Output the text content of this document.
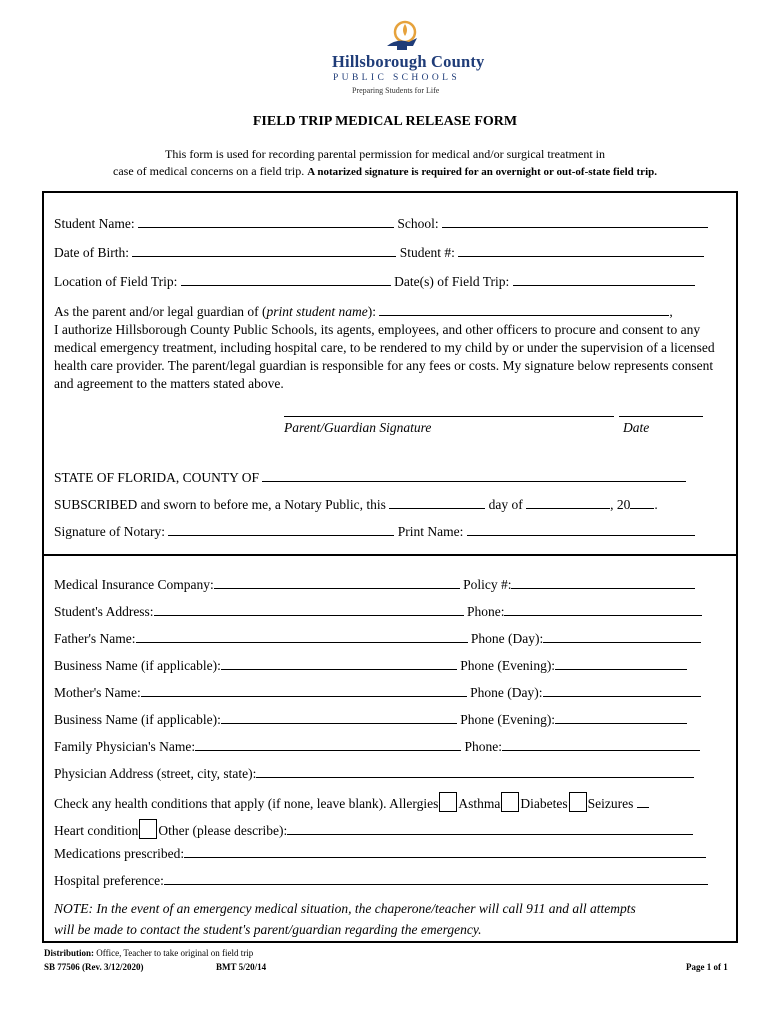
Hillsborough County
PUBLIC SCHOOLS
Preparing Students for Life
FIELD TRIP MEDICAL RELEASE FORM
This form is used for recording parental permission for medical and/or surgical treatment in
case of medical concerns on a field trip. A notarized signature is required for an overnight or out-of-state field trip.
Student Name:	School:
Date of Birth:	Student #:
Location of Field Trip:	Date(s) of Field Trip:
As the parent and/or legal guardian of (print student name):	,
I authorize Hillsborough County Public Schools, its agents, employees, and other officers to procure and consent to any medical emergency treatment, including hospital care, to be rendered to my child by or under the supervision of a licensed health care provider. The parent/legal guardian is responsible for any fees or costs. My signature below represents consent and agreement to the matters stated above.
Parent/Guardian Signature	Date
STATE OF FLORIDA, COUNTY OF
SUBSCRIBED and sworn to before me, a Notary Public, this	day of	, 20 .
Signature of Notary:	Print Name:
Medical Insurance Company:	Policy #:
Student's Address:	Phone:
Father's Name:	Phone (Day):
Business Name (if applicable):	Phone (Evening):
Mother's Name:	Phone (Day):
Business Name (if applicable):	Phone (Evening):
Family Physician's Name:	Phone:
Physician Address (street, city, state):
Check any health conditions that apply (if none, leave blank). Allergies Asthma Diabetes Seizures
Heart condition Other (please describe):
Medications prescribed:
Hospital preference:
NOTE: In the event of an emergency medical situation, the chaperone/teacher will call 911 and all attempts
will be made to contact the student's parent/guardian regarding the emergency.
Distribution: Office, Teacher to take original on field trip
SB 77506 (Rev. 3/12/2020)	BMT 5/20/14	Page 1 of 1
